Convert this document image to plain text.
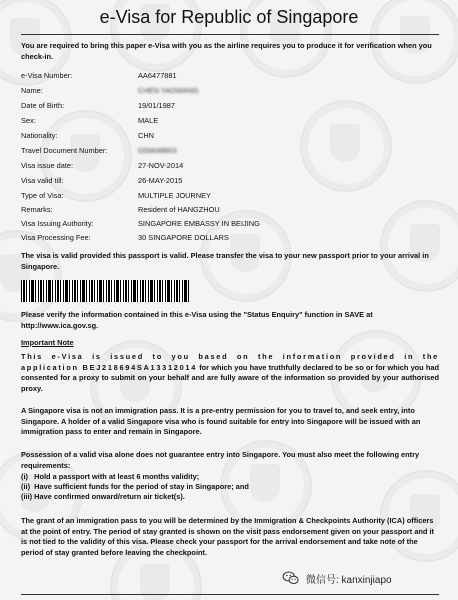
e-Visa for Republic of Singapore
You are required to bring this paper e-Visa with you as the airline requires you to produce it for verification when you check-in.
e-Visa Number:	AA6477881
Name:	CHEN YAOWANG
Date of Birth:	19/01/1987
Sex:	MALE
Nationality:	CHN
Travel Document Number:	G56648803
Visa issue date:	27-NOV-2014
Visa valid till:	26-MAY-2015
Type of Visa:	MULTIPLE JOURNEY
Remarks:	Resident of HANGZHOU
Visa Issuing Authority:	SINGAPORE EMBASSY IN BEIJING
Visa Processing Fee:	30 SINGAPORE DOLLARS
The visa is valid provided this passport is valid. Please transfer the visa to your new passport prior to your arrival in Singapore.
Please verify the information contained in this e-Visa using the "Status Enquiry" function in SAVE at http://www.ica.gov.sg.
Important Note
This e-Visa is issued to you based on the information provided in the application BEJ218694SA13312014 for which you have truthfully declared to be so or for which you had consented for a proxy to submit on your behalf and are fully aware of the information so provided by your authorised proxy.
A Singapore visa is not an immigration pass. It is a pre-entry permission for you to travel to, and seek entry, into Singapore. A holder of a valid Singapore visa who is found suitable for entry into Singapore will be issued with an immigration pass to enter and remain in Singapore.
Possession of a valid visa alone does not guarantee entry into Singapore. You must also meet the following entry requirements:
(i)   Hold a passport with at least 6 months validity;
(ii)  Have sufficient funds for the period of stay in Singapore; and
(iii) Have confirmed onward/return air ticket(s).
The grant of an immigration pass to you will be determined by the Immigration & Checkpoints Authority (ICA) officers at the point of entry. The period of stay granted is shown on the visit pass endorsement given on your passport and it is not tied to the validity of this visa. Please check your passport for the arrival endorsement and take note of the period of stay granted before leaving the checkpoint.
微信号: kanxinjiapo
